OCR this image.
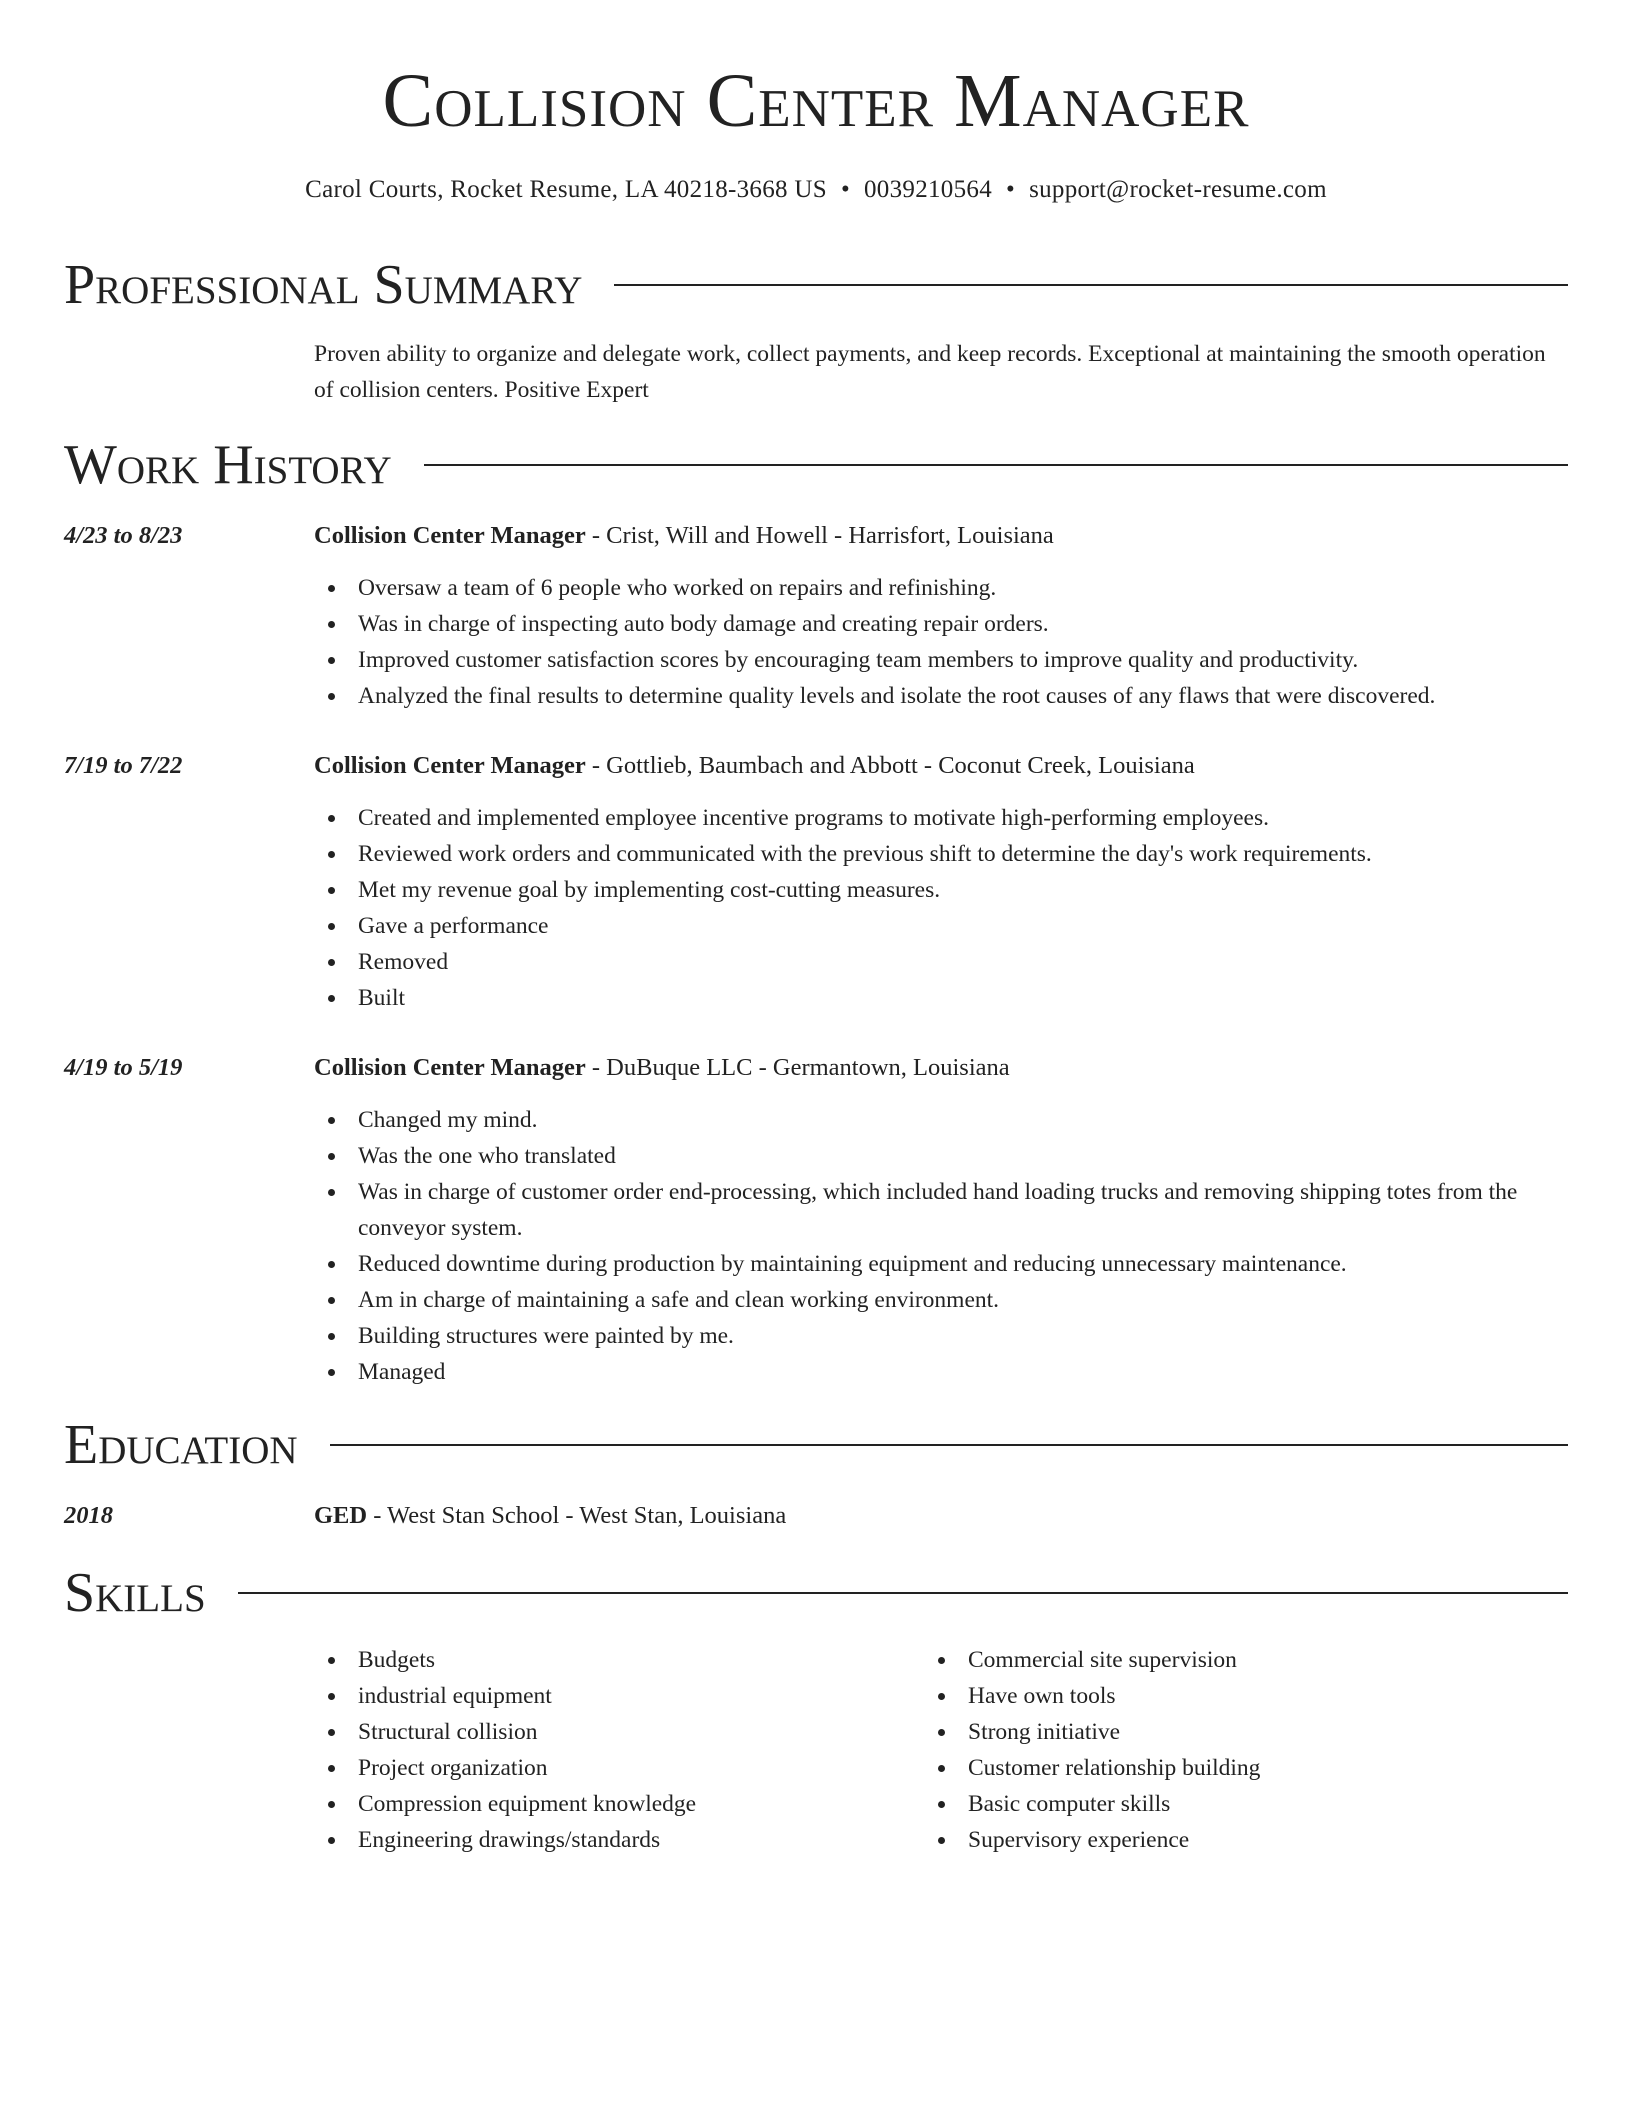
Collision Center Manager
Carol Courts, Rocket Resume, LA 40218-3668 US • 0039210564 • support@rocket-resume.com
Professional Summary
Proven ability to organize and delegate work, collect payments, and keep records. Exceptional at maintaining the smooth operation of collision centers. Positive Expert
Work History
4/23 to 8/23	Collision Center Manager - Crist, Will and Howell - Harrisfort, Louisiana
Oversaw a team of 6 people who worked on repairs and refinishing.
Was in charge of inspecting auto body damage and creating repair orders.
Improved customer satisfaction scores by encouraging team members to improve quality and productivity.
Analyzed the final results to determine quality levels and isolate the root causes of any flaws that were discovered.
7/19 to 7/22	Collision Center Manager - Gottlieb, Baumbach and Abbott - Coconut Creek, Louisiana
Created and implemented employee incentive programs to motivate high-performing employees.
Reviewed work orders and communicated with the previous shift to determine the day's work requirements.
Met my revenue goal by implementing cost-cutting measures.
Gave a performance
Removed
Built
4/19 to 5/19	Collision Center Manager - DuBuque LLC - Germantown, Louisiana
Changed my mind.
Was the one who translated
Was in charge of customer order end-processing, which included hand loading trucks and removing shipping totes from the conveyor system.
Reduced downtime during production by maintaining equipment and reducing unnecessary maintenance.
Am in charge of maintaining a safe and clean working environment.
Building structures were painted by me.
Managed
Education
2018	GED - West Stan School - West Stan, Louisiana
Skills
Budgets
industrial equipment
Structural collision
Project organization
Compression equipment knowledge
Engineering drawings/standards
Commercial site supervision
Have own tools
Strong initiative
Customer relationship building
Basic computer skills
Supervisory experience
